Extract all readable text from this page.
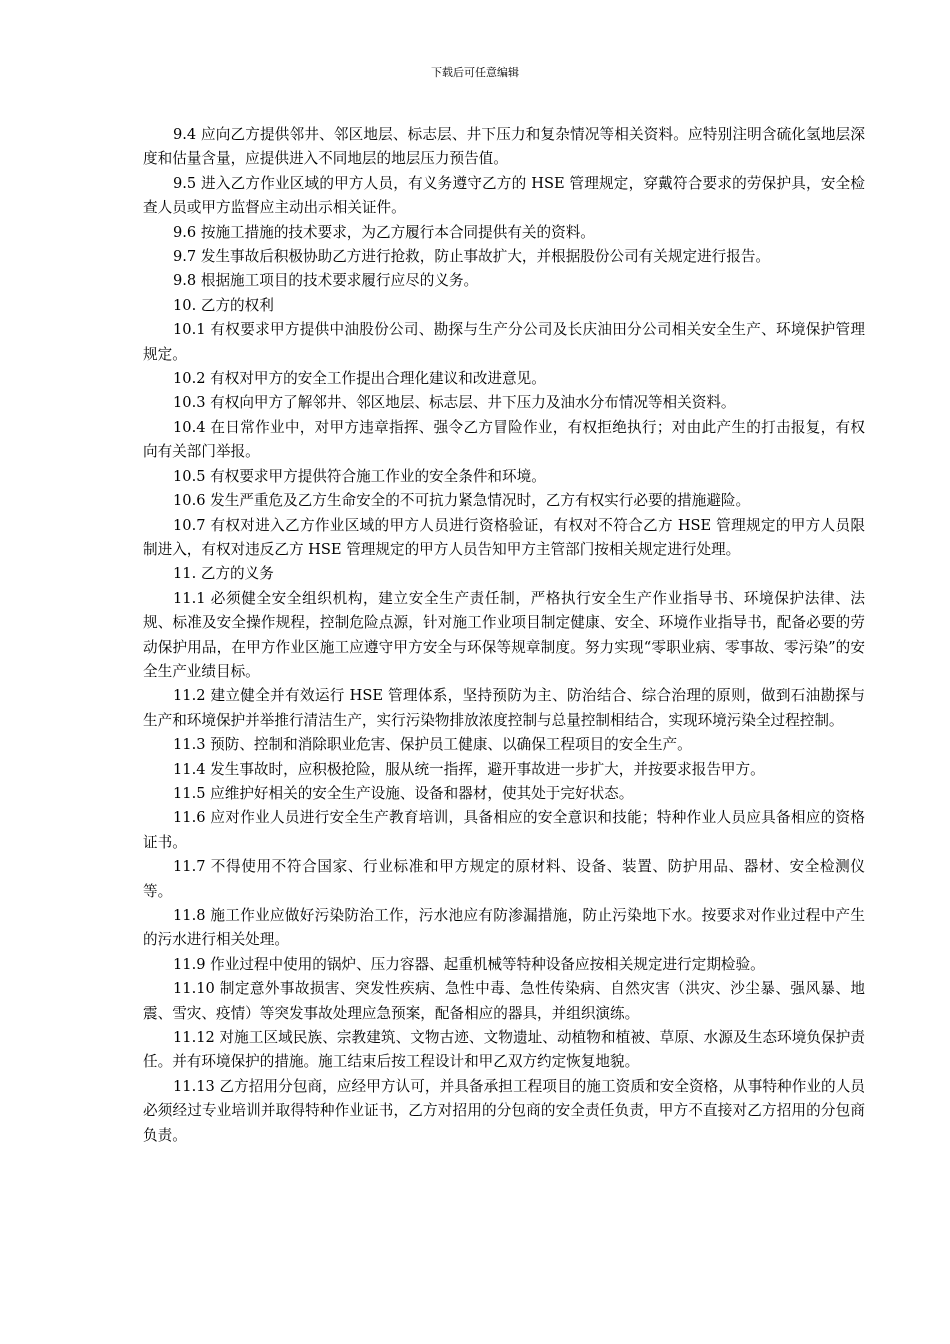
下载后可任意编辑

9.4 应向乙方提供邻井、邻区地层、标志层、井下压力和复杂情况等相关资料。应特别注明含硫化氢地层深度和估量含量，应提供进入不同地层的地层压力预告值。

9.5 进入乙方作业区域的甲方人员，有义务遵守乙方的 HSE 管理规定，穿戴符合要求的劳保护具，安全检查人员或甲方监督应主动出示相关证件。

9.6 按施工措施的技术要求，为乙方履行本合同提供有关的资料。

9.7 发生事故后积极协助乙方进行抢救，防止事故扩大，并根据股份公司有关规定进行报告。

9.8 根据施工项目的技术要求履行应尽的义务。

10. 乙方的权利

10.1 有权要求甲方提供中油股份公司、勘探与生产分公司及长庆油田分公司相关安全生产、环境保护管理规定。

10.2 有权对甲方的安全工作提出合理化建议和改进意见。

10.3 有权向甲方了解邻井、邻区地层、标志层、井下压力及油水分布情况等相关资料。

10.4 在日常作业中，对甲方违章指挥、强令乙方冒险作业，有权拒绝执行；对由此产生的打击报复，有权向有关部门举报。

10.5 有权要求甲方提供符合施工作业的安全条件和环境。

10.6 发生严重危及乙方生命安全的不可抗力紧急情况时，乙方有权实行必要的措施避险。

10.7 有权对进入乙方作业区域的甲方人员进行资格验证，有权对不符合乙方 HSE 管理规定的甲方人员限制进入，有权对违反乙方 HSE 管理规定的甲方人员告知甲方主管部门按相关规定进行处理。

11. 乙方的义务

11.1 必须健全安全组织机构，建立安全生产责任制，严格执行安全生产作业指导书、环境保护法律、法规、标准及安全操作规程，控制危险点源，针对施工作业项目制定健康、安全、环境作业指导书，配备必要的劳动保护用品，在甲方作业区施工应遵守甲方安全与环保等规章制度。努力实现“零职业病、零事故、零污染”的安全生产业绩目标。

11.2 建立健全并有效运行 HSE 管理体系，坚持预防为主、防治结合、综合治理的原则，做到石油勘探与生产和环境保护并举推行清洁生产，实行污染物排放浓度控制与总量控制相结合，实现环境污染全过程控制。

11.3 预防、控制和消除职业危害、保护员工健康、以确保工程项目的安全生产。

11.4 发生事故时，应积极抢险，服从统一指挥，避开事故进一步扩大，并按要求报告甲方。

11.5 应维护好相关的安全生产设施、设备和器材，使其处于完好状态。

11.6 应对作业人员进行安全生产教育培训，具备相应的安全意识和技能；特种作业人员应具备相应的资格证书。

11.7 不得使用不符合国家、行业标准和甲方规定的原材料、设备、装置、防护用品、器材、安全检测仪等。

11.8 施工作业应做好污染防治工作，污水池应有防渗漏措施，防止污染地下水。按要求对作业过程中产生的污水进行相关处理。

11.9 作业过程中使用的锅炉、压力容器、起重机械等特种设备应按相关规定进行定期检验。

11.10 制定意外事故损害、突发性疾病、急性中毒、急性传染病、自然灾害（洪灾、沙尘暴、强风暴、地震、雪灾、疫情）等突发事故处理应急预案，配备相应的器具，并组织演练。

11.12 对施工区域民族、宗教建筑、文物古迹、文物遗址、动植物和植被、草原、水源及生态环境负保护责任。并有环境保护的措施。施工结束后按工程设计和甲乙双方约定恢复地貌。

11.13 乙方招用分包商，应经甲方认可，并具备承担工程项目的施工资质和安全资格，从事特种作业的人员必须经过专业培训并取得特种作业证书，乙方对招用的分包商的安全责任负责，甲方不直接对乙方招用的分包商负责。
